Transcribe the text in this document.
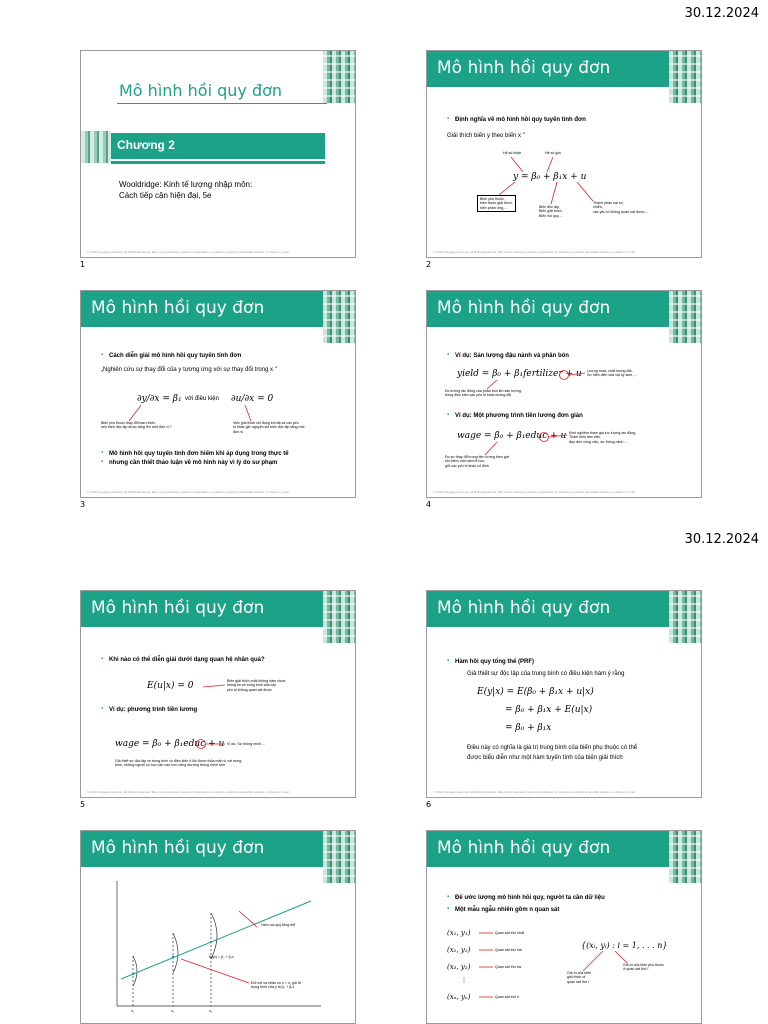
30.12.2024
30.12.2024
Mô hình hồi quy đơn
Chương 2
Wooldridge: Kinh tế lượng nhập môn:
Cách tiếp cận hiện đại, 5e
© 2013 Cengage Learning. All Rights Reserved. May not be scanned, copied or duplicated, or posted to a publicly accessible website, in whole or in part.
1
Mô hình hồi quy đơn
▪ Định nghĩa về mô hình hồi quy tuyến tính đơn
Giải thích biến y theo biến x "
Hệ số chặn	Hệ số góc
y = β₀ + β₁x + u
Biến phụ thuộc,
biến được giải thích,
biến phản ứng,...	Biến độc lập,
Biến giải thích,
Biến hồi quy,...
Thành phần sai số,
nhiễu,
các yếu tố không quan sát được,...
© 2013 Cengage Learning. All Rights Reserved. May not be scanned, copied or duplicated, or posted to a publicly accessible website, in whole or in part.
2
Mô hình hồi quy đơn
▪ Cách diễn giải mô hình hồi quy tuyến tính đơn
„Nghiên cứu sự thay đổi của y tương ứng với sự thay đổi trong x "
∂y/∂x = β₁ với điều kiện ∂u/∂x = 0
Biến phụ thuộc thay đổi bao nhiêu
nếu biến độc lập được tăng lên một đơn vị ?
Việc giải thích chỉ đúng khi tất cả các yếu
tố khác giữ nguyên khi biến độc lập tăng một
đơn vị
▪ Mô hình hồi quy tuyến tính đơn hiếm khi áp dụng trong thực tế
▪ nhưng cần thiết thảo luận về mô hình này vì lý do sư phạm
© 2013 Cengage Learning. All Rights Reserved. May not be scanned, copied or duplicated, or posted to a publicly accessible website, in whole or in part.
3
Mô hình hồi quy đơn
▪ Ví dụ: Sản lượng đậu nành và phân bón
yield = β₀ + β₁fertilizer + u Lượng mưa, chất lượng đất,
Sự hiện diện của vật ký sinh, ...
Đo lường tác động của phân bón lên sản lượng,
trong điều kiện các yếu tố khác không đổi
▪ Ví dụ: Một phương trình tiền lương đơn giản
wage = β₀ + β₁educ + u Kinh nghiệm tham gia lực lượng lao động,
Thâm niên làm việc,
đạo đức công việc, sự thông minh ...
Đo sự thay đổi trong tiền lương theo giờ
khi thêm một năm đi học,
giữ các yếu tố khác cố định
© 2013 Cengage Learning. All Rights Reserved. May not be scanned, copied or duplicated, or posted to a publicly accessible website, in whole or in part.
4
Mô hình hồi quy đơn
▪ Khi nào có thể diễn giải dưới dạng quan hệ nhân quả?
E(u|x) = 0	Biến giải thích phải không hàm chứa
thông tin về trung bình của các
yếu tố không quan sát được
▪ Ví dụ: phương trình tiền lương
wage = β₀ + β₁educ + u Ví dụ: Sự thông minh ...
Giả thiết sự độc lập về trung bình có điều kiện ít khi được thỏa mãn vì với trung
bình, những người có học vấn cao hơn cũng thường thông minh hơn
© 2013 Cengage Learning. All Rights Reserved. May not be scanned, copied or duplicated, or posted to a publicly accessible website, in whole or in part.
5
Mô hình hồi quy đơn
▪ Hàm hồi quy tổng thể (PRF)
Giả thiết sự độc lập của trung bình có điều kiện hàm ý rằng
E(y|x) = E(β₀ + β₁x + u|x)
= β₀ + β₁x + E(u|x)
= β₀ + β₁x
Điều này có nghĩa là giá trị trung bình của biến phụ thuộc có thể
được biểu diễn như một hàm tuyến tính của biến giải thích
© 2013 Cengage Learning. All Rights Reserved. May not be scanned, copied or duplicated, or posted to a publicly accessible website, in whole or in part.
6
Mô hình hồi quy đơn
Hàm hồi quy tổng thể
f(y|x) = β₀ + β₁x
Đối với cá nhân có x = x₂ giá trị
trung bình của y là β₀ + β₁x
x₁	x₂	x₃
Mô hình hồi quy đơn
▪ Để ước lượng mô hình hồi quy, người ta cần dữ liệu
▪ Một mẫu ngẫu nhiên gồm n quan sát
(x₁, y₁)	Quan sát thứ nhất
(x₂, y₂)	Quan sát thứ hai
(x₃, y₃)	Quan sát thứ ba
⋮
(xₙ, yₙ)	Quan sát thứ n
{(xᵢ, yᵢ) : i = 1, . . . n}
Giá trị của biến
giải thích of
quan sát thứ i
Giá trị của biến phụ thuộc
ở quan sát thứ i
